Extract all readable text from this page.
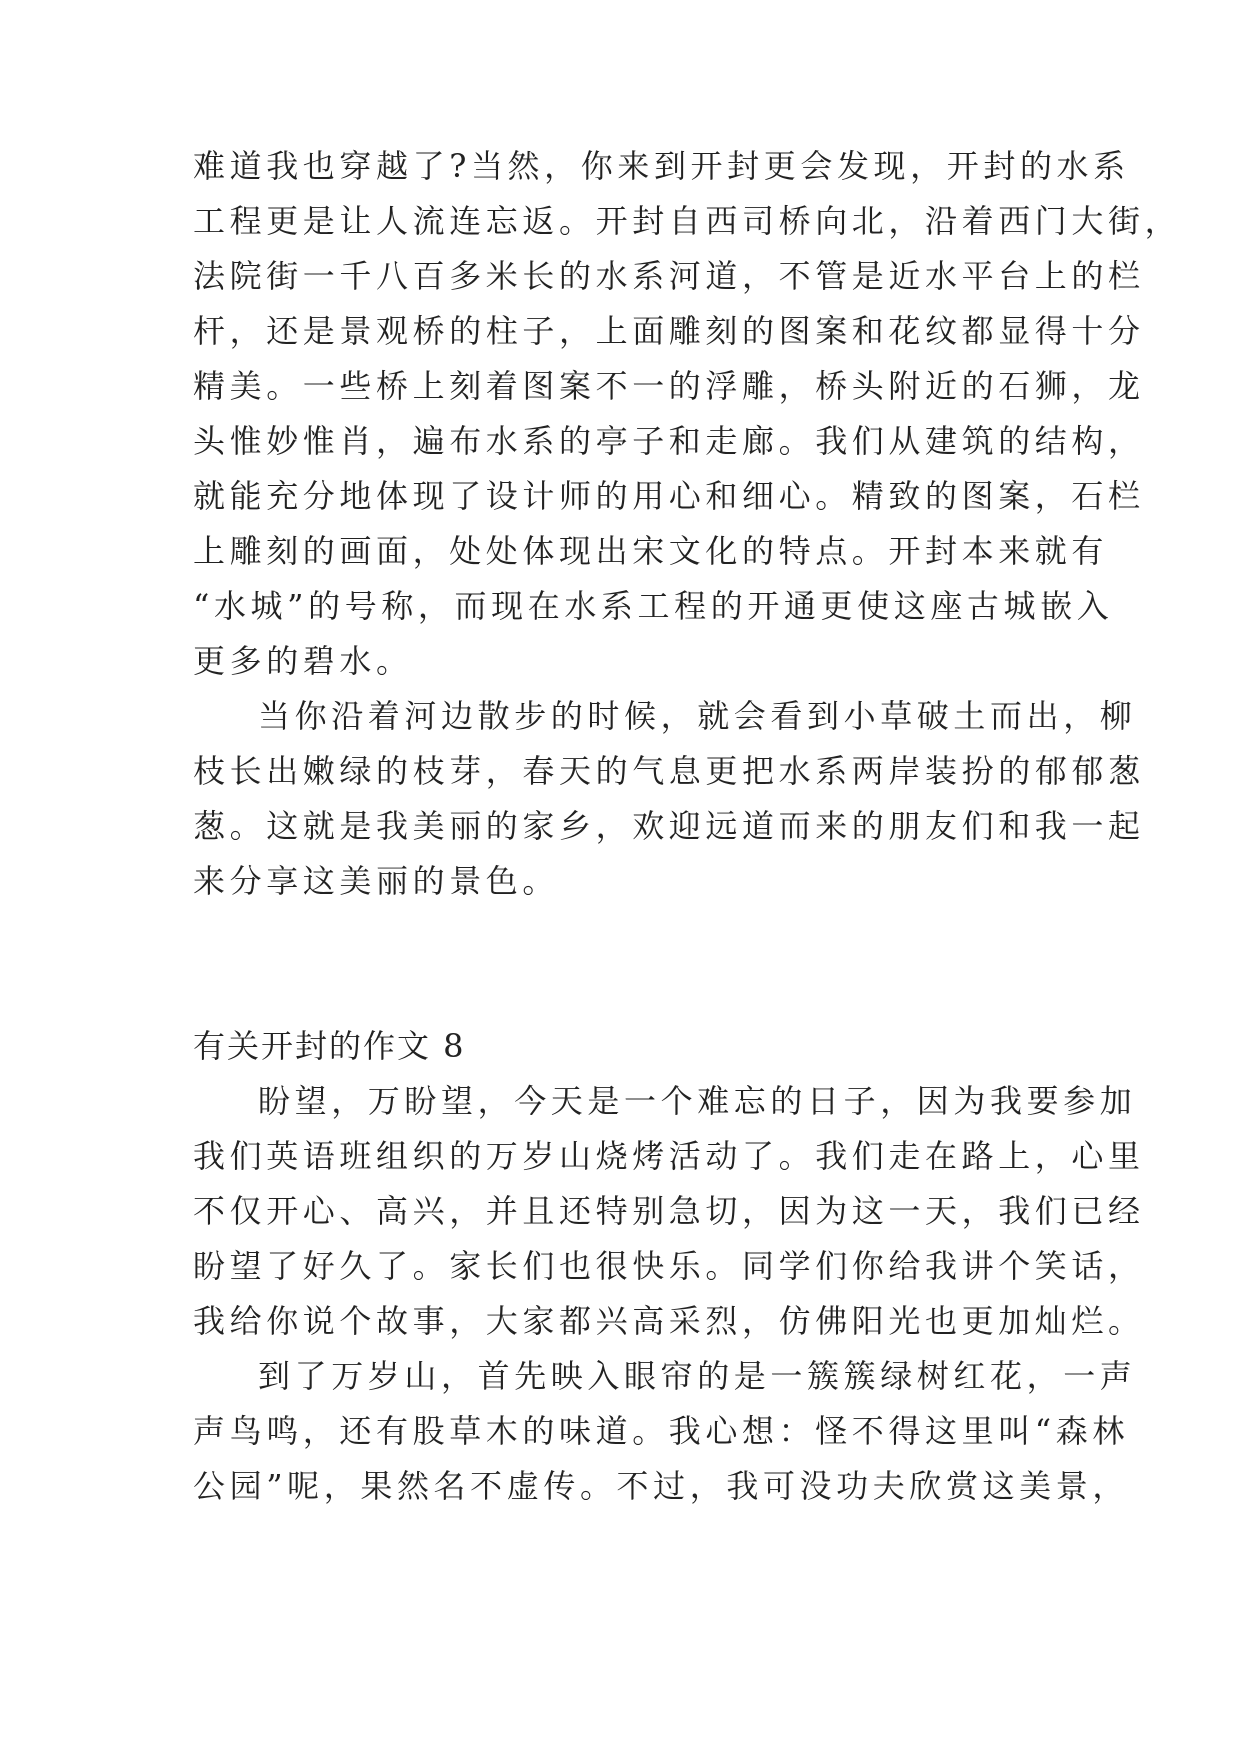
难道我也穿越了?当然，你来到开封更会发现，开封的水系
工程更是让人流连忘返。开封自西司桥向北，沿着西门大街，
法院街一千八百多米长的水系河道，不管是近水平台上的栏
杆，还是景观桥的柱子，上面雕刻的图案和花纹都显得十分
精美。一些桥上刻着图案不一的浮雕，桥头附近的石狮，龙
头惟妙惟肖，遍布水系的亭子和走廊。我们从建筑的结构，
就能充分地体现了设计师的用心和细心。精致的图案，石栏
上雕刻的画面，处处体现出宋文化的特点。开封本来就有
“水城”的号称，而现在水系工程的开通更使这座古城嵌入
更多的碧水。
当你沿着河边散步的时候，就会看到小草破土而出，柳
枝长出嫩绿的枝芽，春天的气息更把水系两岸装扮的郁郁葱
葱。这就是我美丽的家乡，欢迎远道而来的朋友们和我一起
来分享这美丽的景色。
有关开封的作文 8
盼望，万盼望，今天是一个难忘的日子，因为我要参加
我们英语班组织的万岁山烧烤活动了。我们走在路上，心里
不仅开心、高兴，并且还特别急切，因为这一天，我们已经
盼望了好久了。家长们也很快乐。同学们你给我讲个笑话，
我给你说个故事，大家都兴高采烈，仿佛阳光也更加灿烂。
到了万岁山，首先映入眼帘的是一簇簇绿树红花，一声
声鸟鸣，还有股草木的味道。我心想：怪不得这里叫“森林
公园”呢，果然名不虚传。不过，我可没功夫欣赏这美景，
